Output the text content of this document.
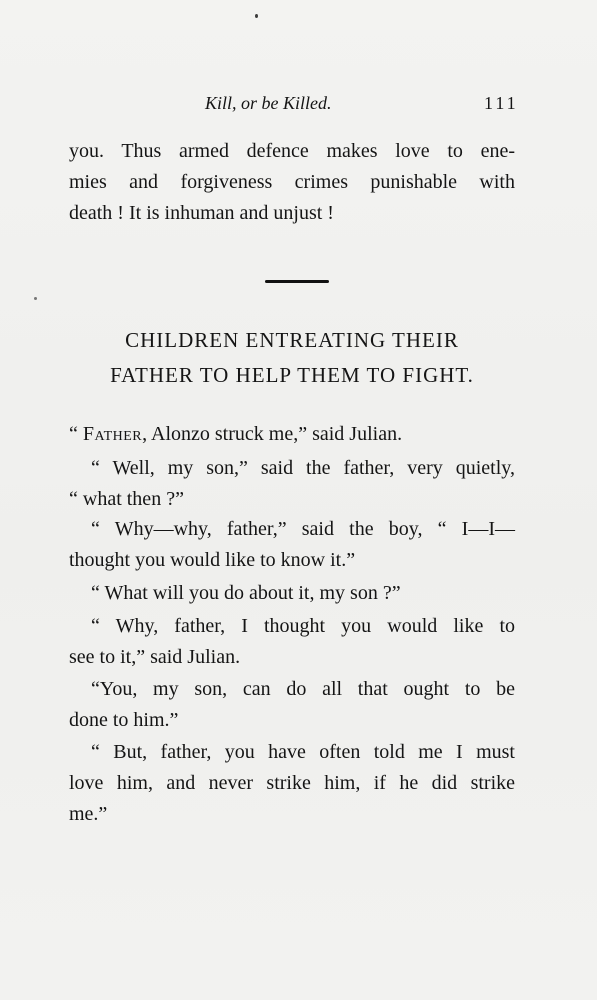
Kill, or be Killed.	111
you. Thus armed defence makes love to ene-
mies and forgiveness crimes punishable with
death ! It is inhuman and unjust !
CHILDREN ENTREATING THEIR
FATHER TO HELP THEM TO FIGHT.
“ Father, Alonzo struck me,” said Julian.
“ Well, my son,” said the father, very quietly,
“ what then ?”
“ Why—why, father,” said the boy, “ I—I—
thought you would like to know it.”
“ What will you do about it, my son ?”
“ Why, father, I thought you would like to
see to it,” said Julian.
“You, my son, can do all that ought to be
done to him.”
“ But, father, you have often told me I must
love him, and never strike him, if he did strike
me.”
